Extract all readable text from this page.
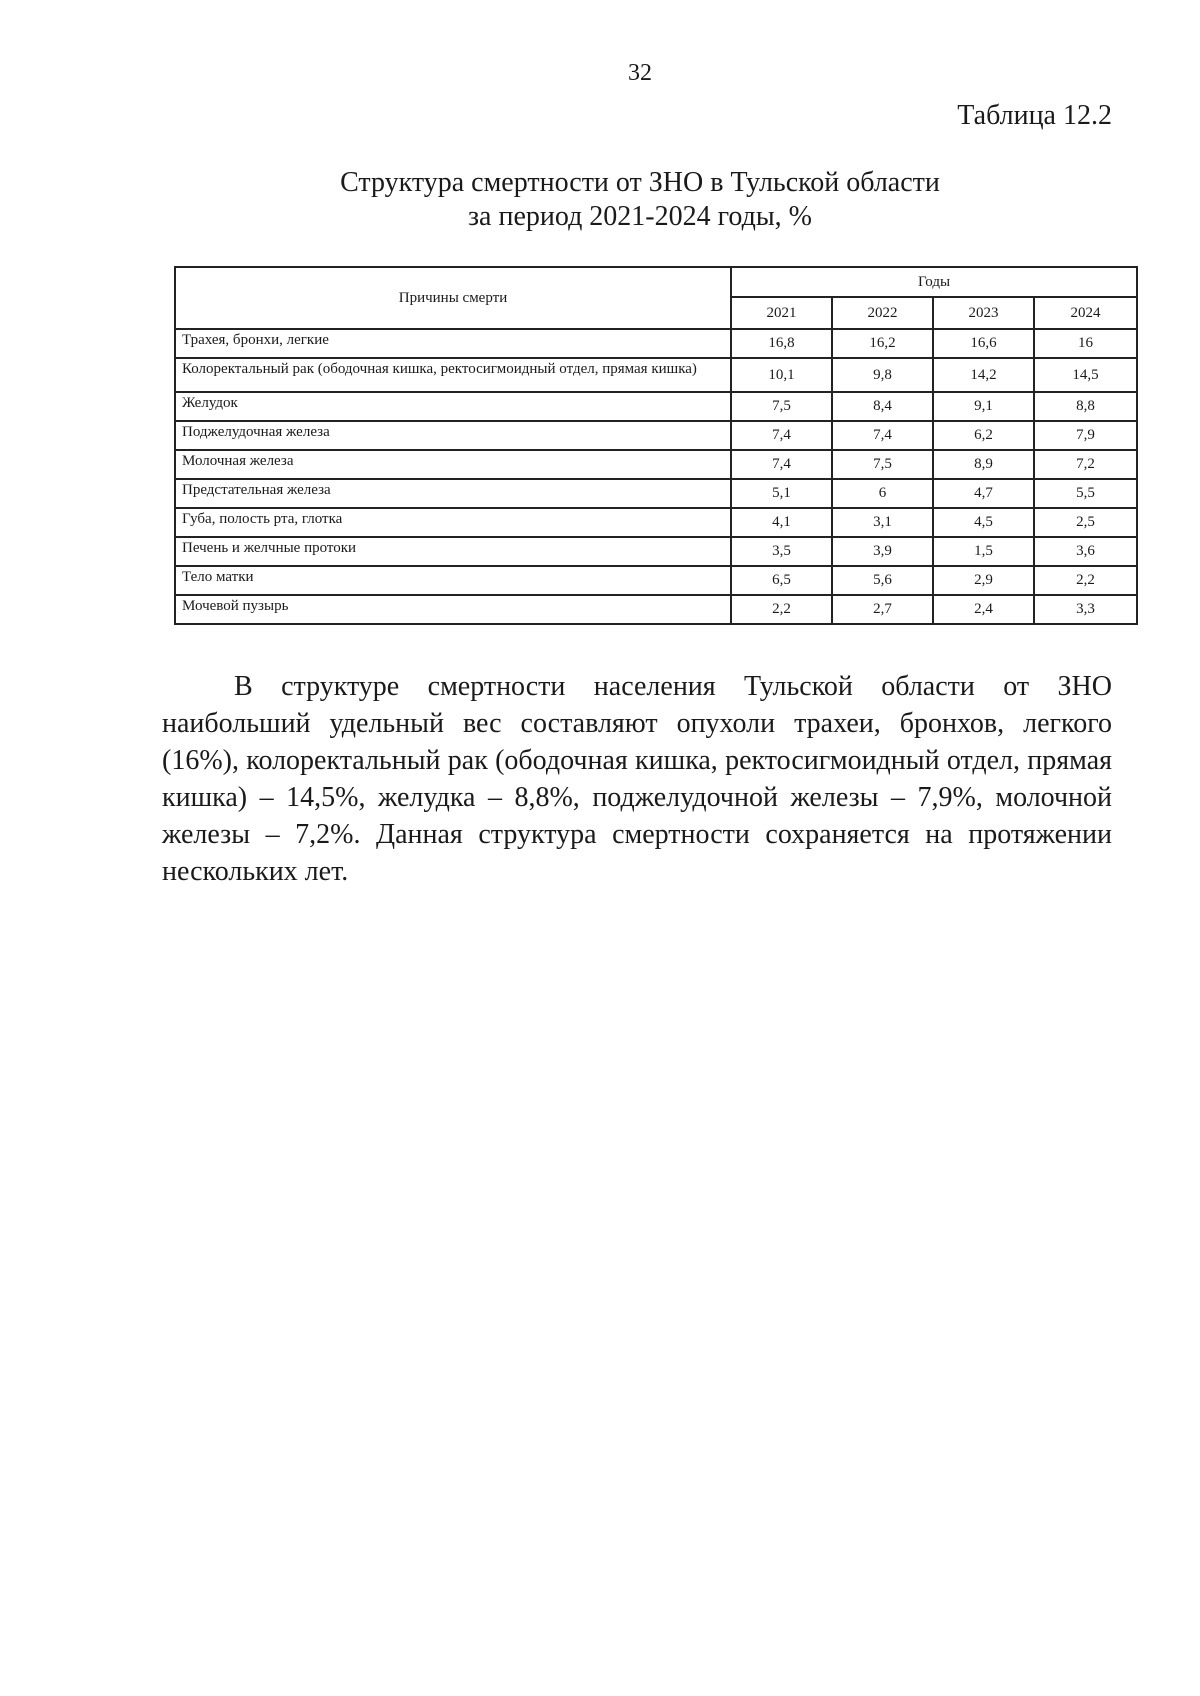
32
Таблица 12.2
Структура смертности от ЗНО в Тульской области
за период 2021-2024 годы, %
Причины смерти	Годы			
	2021	2022	2023	2024
Трахея, бронхи, легкие	16,8	16,2	16,6	16
Колоректальный рак (ободочная кишка, ректосигмоидный отдел, прямая кишка)	10,1	9,8	14,2	14,5
Желудок	7,5	8,4	9,1	8,8
Поджелудочная железа	7,4	7,4	6,2	7,9
Молочная железа	7,4	7,5	8,9	7,2
Предстательная железа	5,1	6	4,7	5,5
Губа, полость рта, глотка	4,1	3,1	4,5	2,5
Печень и желчные протоки	3,5	3,9	1,5	3,6
Тело матки	6,5	5,6	2,9	2,2
Мочевой пузырь	2,2	2,7	2,4	3,3

В структуре смертности населения Тульской области от ЗНО наибольший удельный вес составляют опухоли трахеи, бронхов, легкого (16%), колоректальный рак (ободочная кишка, ректосигмоидный отдел, прямая кишка) – 14,5%, желудка – 8,8%, поджелудочной железы – 7,9%, молочной железы – 7,2%. Данная структура смертности сохраняется на протяжении нескольких лет.
